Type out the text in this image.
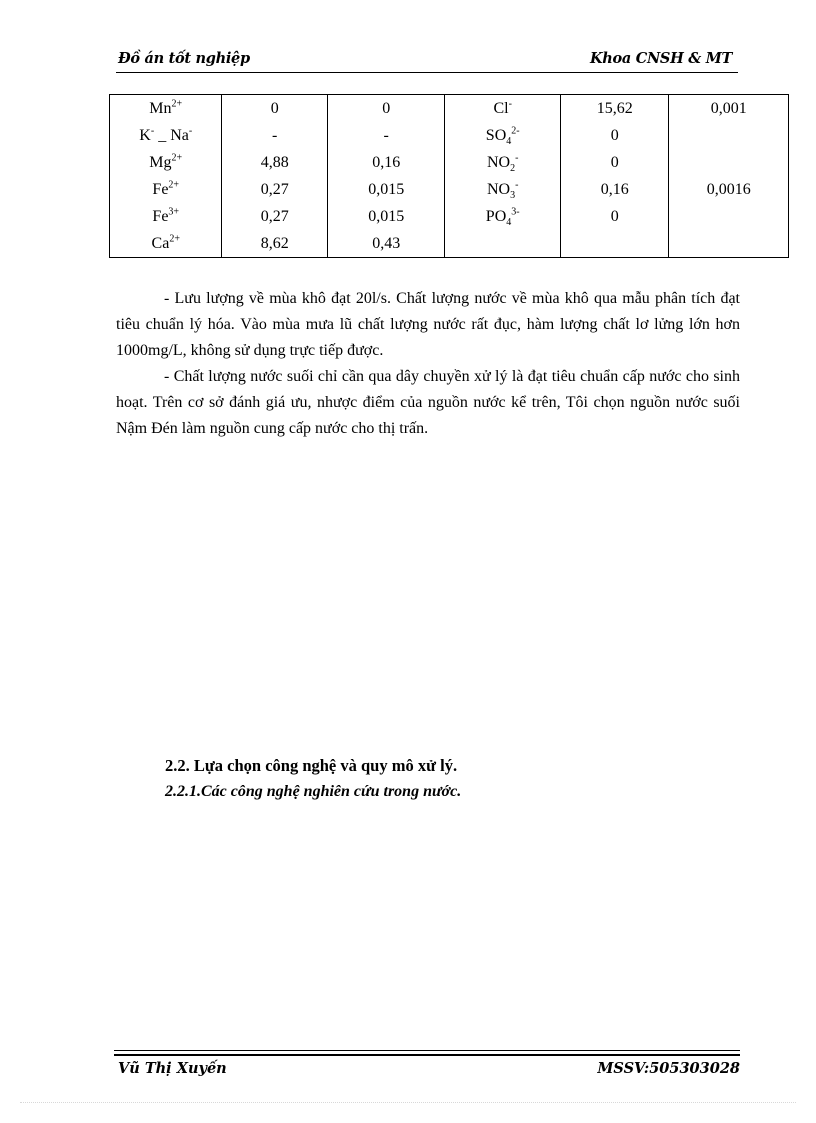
Đồ án tốt nghiệp	Khoa CNSH & MT
$Mn^{2+}$	0	0	Cl-	15,62	0,001
K- _ Na-	-	-	$SO_4^{2-}$	0	
$Mg^{2+}$	4,88	0,16	$NO_2^-$	0	
$Fe^{2+}$	0,27	0,015	$NO_3^-$	0,16	0,0016
$Fe^{3+}$	0,27	0,015	$PO_4^{3-}$	0	
$Ca^{2+}$	8,62	0,43			

- Lưu lượng về mùa khô đạt 20l/s. Chất lượng nước về mùa khô qua mẫu phân tích đạt tiêu chuẩn lý hóa. Vào mùa mưa lũ chất lượng nước rất đục, hàm lượng chất lơ lửng lớn hơn 1000mg/L, không sử dụng trực tiếp được.

- Chất lượng nước suối chỉ cần qua dây chuyền xử lý là đạt tiêu chuẩn cấp nước cho sinh hoạt. Trên cơ sở đánh giá ưu, nhược điểm của nguồn nước kể trên, Tôi chọn nguồn nước suối Nậm Đén làm nguồn cung cấp nước cho thị trấn.

2.2. Lựa chọn công nghệ và quy mô xử lý.
2.2.1.Các công nghệ nghiên cứu trong nước.
Vũ Thị Xuyến	MSSV:505303028
